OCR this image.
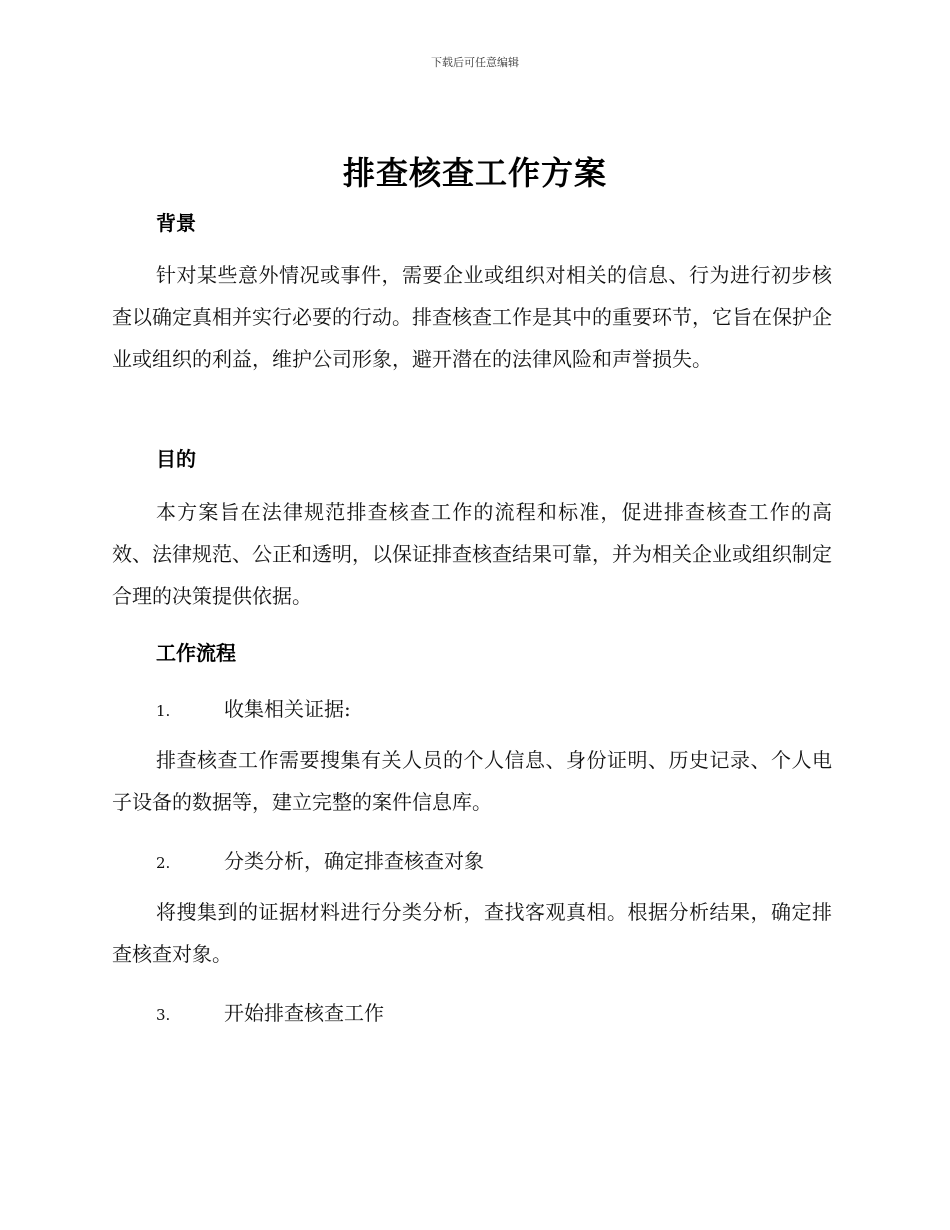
下载后可任意编辑
排查核查工作方案
背景
针对某些意外情况或事件，需要企业或组织对相关的信息、行为进行初步核查以确定真相并实行必要的行动。排查核查工作是其中的重要环节，它旨在保护企业或组织的利益，维护公司形象，避开潜在的法律风险和声誉损失。
目的
本方案旨在法律规范排查核查工作的流程和标准，促进排查核查工作的高效、法律规范、公正和透明，以保证排查核查结果可靠，并为相关企业或组织制定合理的决策提供依据。
工作流程
1.	收集相关证据:
排查核查工作需要搜集有关人员的个人信息、身份证明、历史记录、个人电子设备的数据等，建立完整的案件信息库。
2.	分类分析，确定排查核查对象
将搜集到的证据材料进行分类分析，查找客观真相。根据分析结果，确定排查核查对象。
3.	开始排查核查工作
